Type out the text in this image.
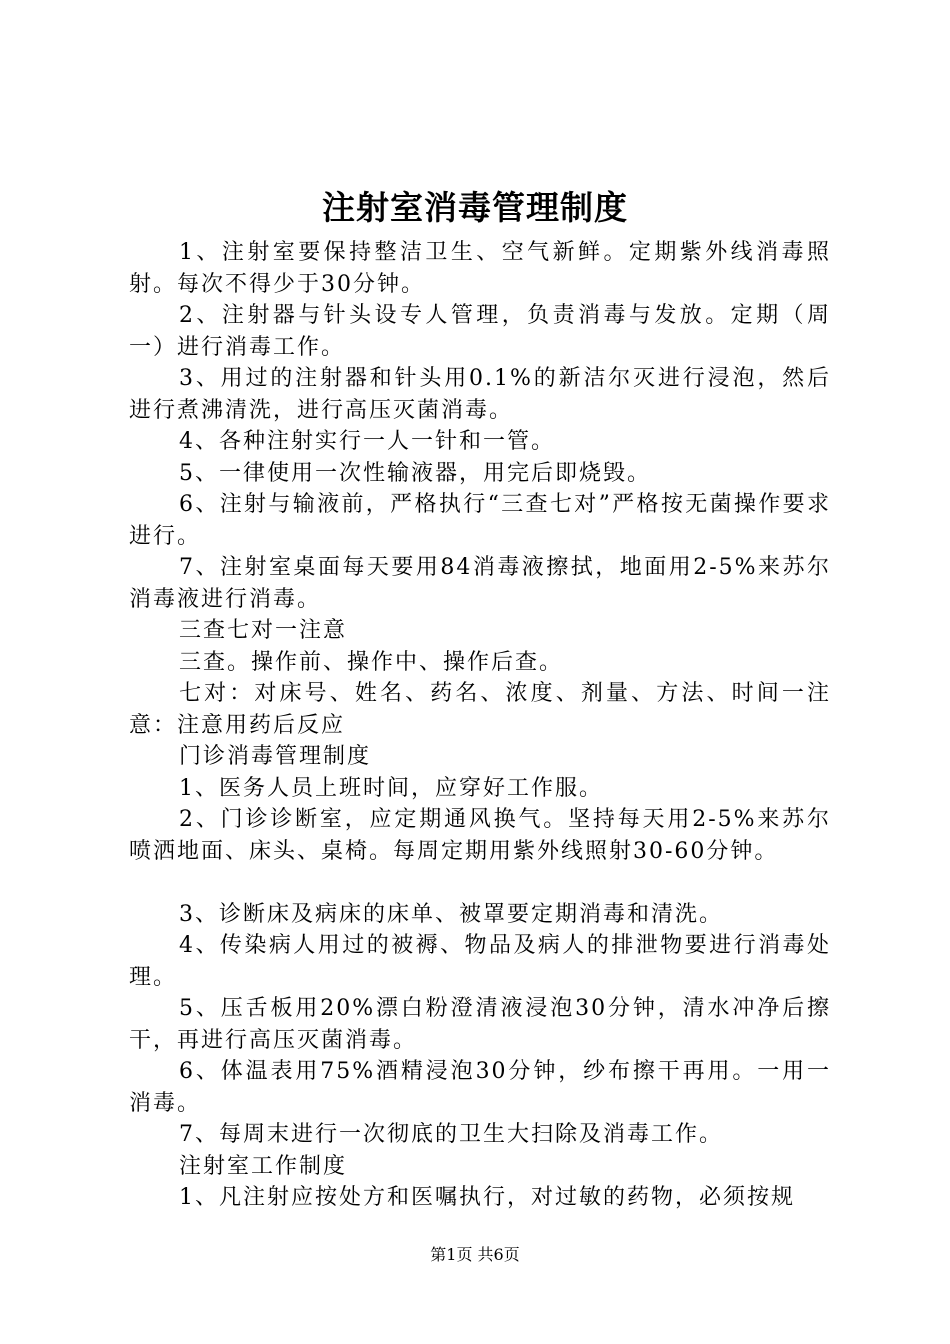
注射室消毒管理制度

1、注射室要保持整洁卫生、空气新鲜。定期紫外线消毒照射。每次不得少于30分钟。

2、注射器与针头设专人管理，负责消毒与发放。定期（周一）进行消毒工作。

3、用过的注射器和针头用0.1%的新洁尔灭进行浸泡，然后进行煮沸清洗，进行高压灭菌消毒。

4、各种注射实行一人一针和一管。

5、一律使用一次性输液器，用完后即烧毁。

6、注射与输液前，严格执行“三查七对”严格按无菌操作要求进行。

7、注射室桌面每天要用84消毒液擦拭，地面用2-5%来苏尔消毒液进行消毒。

三查七对一注意

三查。操作前、操作中、操作后查。

七对：对床号、姓名、药名、浓度、剂量、方法、时间一注意：注意用药后反应

门诊消毒管理制度

1、医务人员上班时间，应穿好工作服。

2、门诊诊断室，应定期通风换气。坚持每天用2-5%来苏尔喷洒地面、床头、桌椅。每周定期用紫外线照射30-60分钟。

3、诊断床及病床的床单、被罩要定期消毒和清洗。

4、传染病人用过的被褥、物品及病人的排泄物要进行消毒处理。

5、压舌板用20%漂白粉澄清液浸泡30分钟，清水冲净后擦干，再进行高压灭菌消毒。

6、体温表用75%酒精浸泡30分钟，纱布擦干再用。一用一消毒。

7、每周末进行一次彻底的卫生大扫除及消毒工作。

注射室工作制度

1、凡注射应按处方和医嘱执行，对过敏的药物，必须按规

第1页 共6页
